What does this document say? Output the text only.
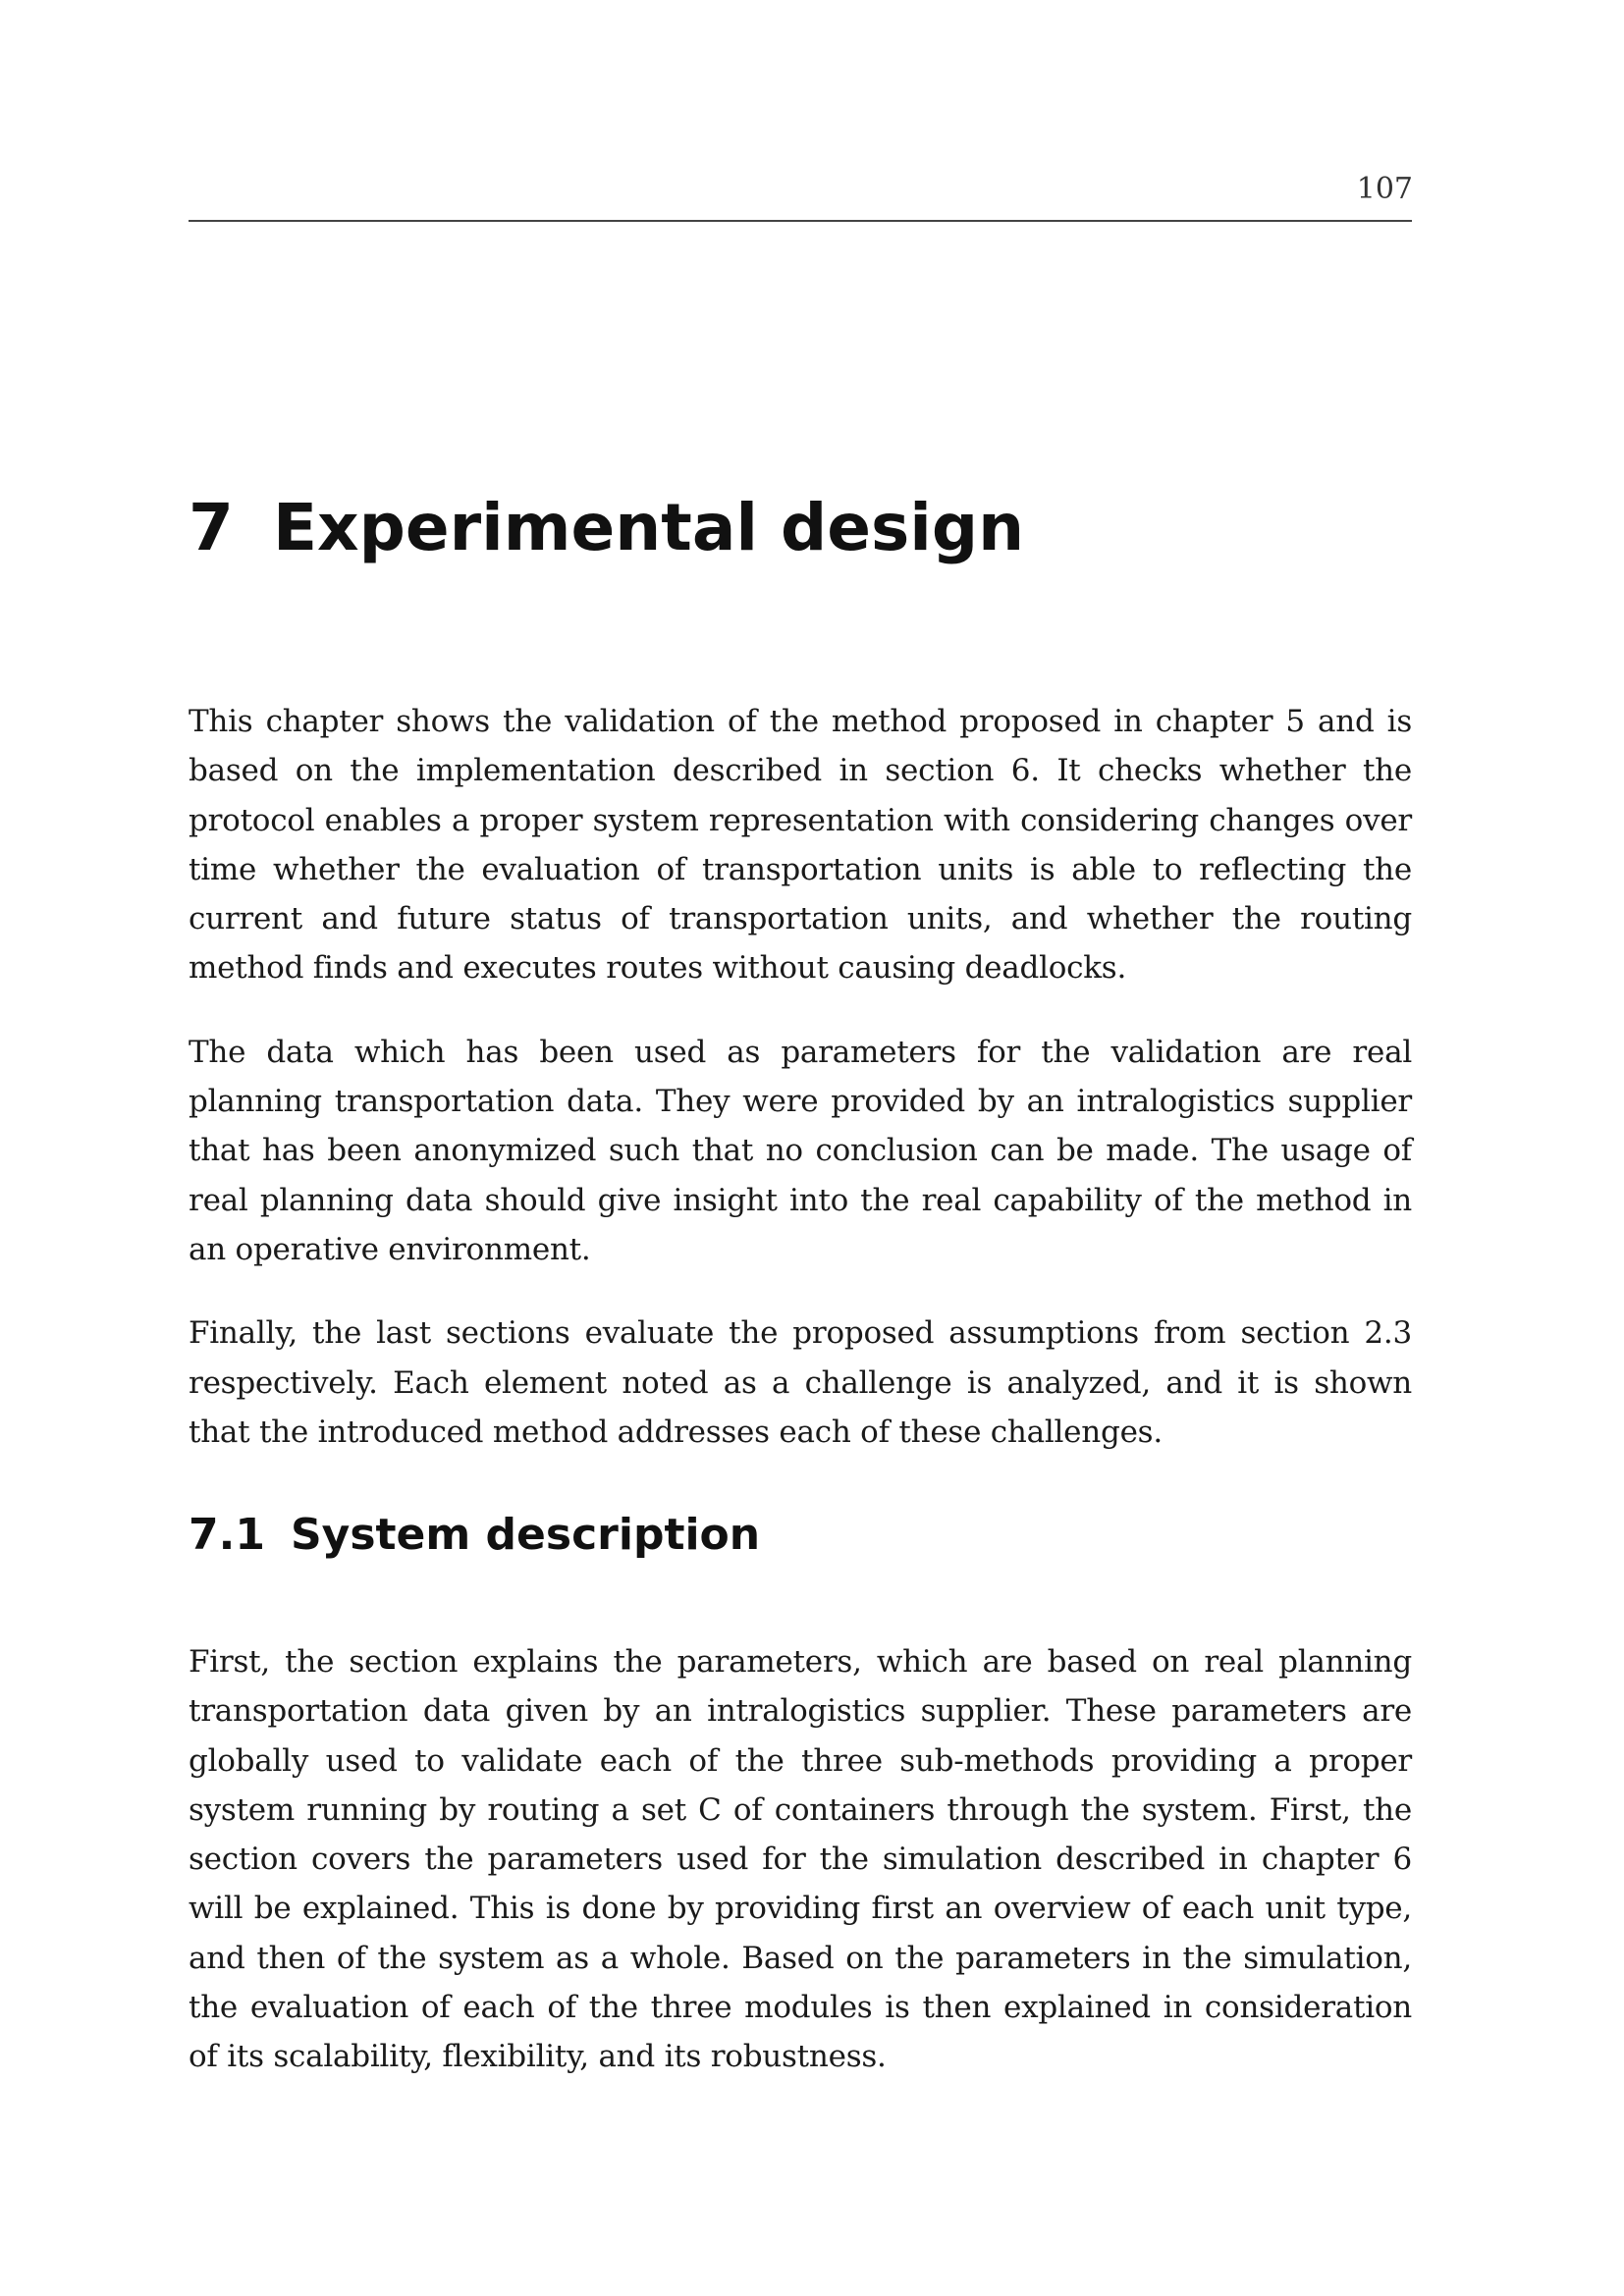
107
7 Experimental design

This chapter shows the validation of the method proposed in chapter 5 and is based on the implementation described in section 6. It checks whether the protocol enables a proper system representation with considering changes over time whether the evaluation of transportation units is able to reflecting the current and future status of transportation units, and whether the routing method finds and executes routes without causing deadlocks.

The data which has been used as parameters for the validation are real planning transportation data. They were provided by an intralogistics supplier that has been anonymized such that no conclusion can be made. The usage of real planning data should give insight into the real capability of the method in an operative environment.

Finally, the last sections evaluate the proposed assumptions from section 2.3 respectively. Each element noted as a challenge is analyzed, and it is shown that the introduced method addresses each of these challenges.

7.1 System description

First, the section explains the parameters, which are based on real planning transportation data given by an intralogistics supplier. These parameters are globally used to validate each of the three sub-methods providing a proper system running by routing a set C of containers through the system. First, the section covers the parameters used for the simulation described in chapter 6 will be explained. This is done by providing first an overview of each unit type, and then of the system as a whole. Based on the parameters in the simulation, the evaluation of each of the three modules is then explained in consideration of its scalability, flexibility, and its robustness.
